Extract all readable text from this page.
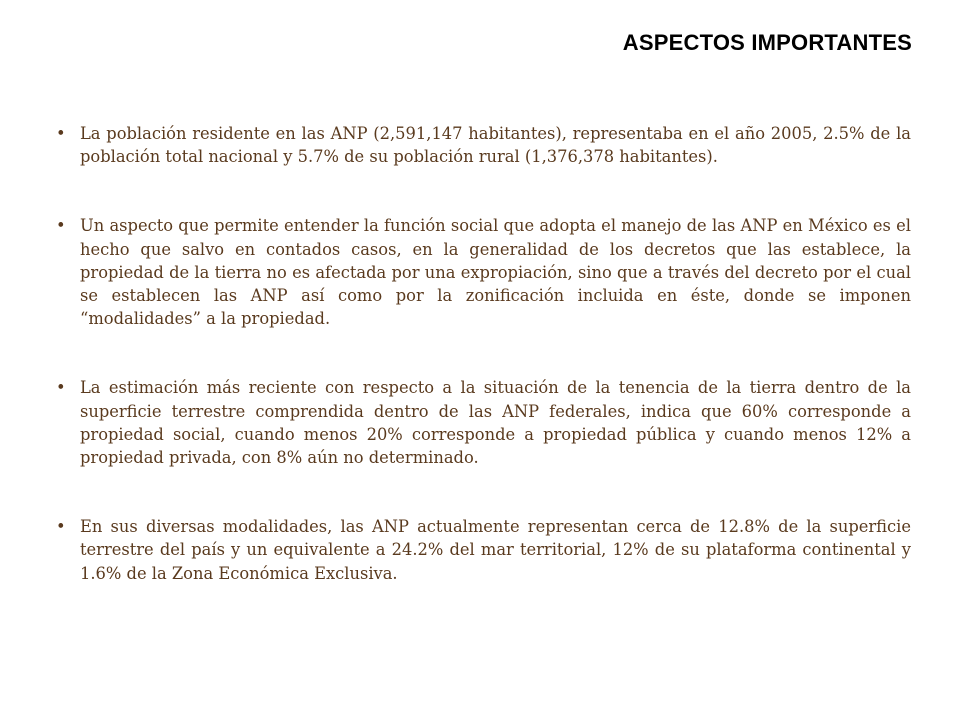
ASPECTOS IMPORTANTES
• La población residente en las ANP (2,591,147 habitantes), representaba en el año 2005, 2.5% de la población total nacional y 5.7% de su población rural (1,376,378 habitantes).
• Un aspecto que permite entender la función social que adopta el manejo de las ANP en México es el hecho que salvo en contados casos, en la generalidad de los decretos que las establece, la propiedad de la tierra no es afectada por una expropiación, sino que a través del decreto por el cual se establecen las ANP así como por la zonificación incluida en éste, donde se imponen “modalidades” a la propiedad.
• La estimación más reciente con respecto a la situación de la tenencia de la tierra dentro de la superficie terrestre comprendida dentro de las ANP federales, indica que 60% corresponde a propiedad social, cuando menos 20% corresponde a propiedad pública y cuando menos 12% a propiedad privada, con 8% aún no determinado.
• En sus diversas modalidades, las ANP actualmente representan cerca de 12.8% de la superficie terrestre del país y un equivalente a 24.2% del mar territorial, 12% de su plataforma continental y 1.6% de la Zona Económica Exclusiva.
